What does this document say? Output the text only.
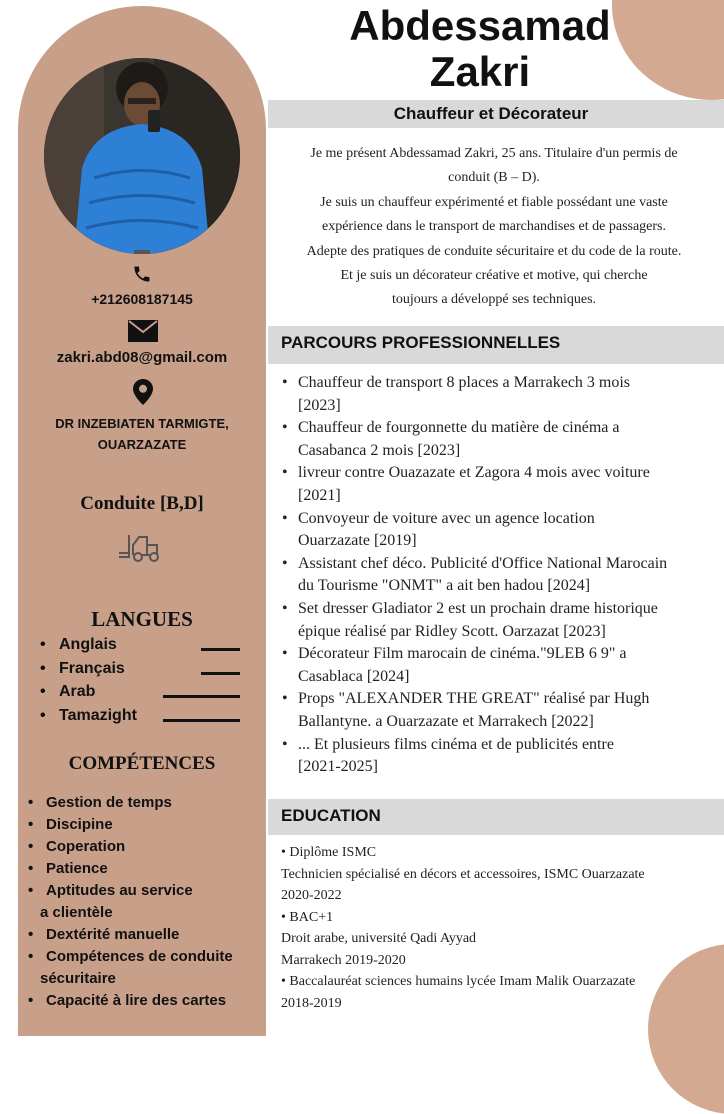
+212608187145
zakri.abd08@gmail.com
DR INZEBIATEN TARMIGTE,
OUARZAZATE
Conduite [B,D]
LANGUES
• Anglais
• Français
• Arab
• Tamazight
COMPÉTENCES
• Gestion de temps
• Discipine
• Coperation
• Patience
• Aptitudes au service
a clientèle
• Dextérité manuelle
• Compétences de conduite
sécuritaire
• Capacité à lire des cartes
Abdessamad
Zakri
Chauffeur et Décorateur
Je me présent Abdessamad Zakri, 25 ans. Titulaire d'un permis de
conduit (B – D).
Je suis un chauffeur expérimenté et fiable possédant une vaste
expérience dans le transport de marchandises et de passagers.
Adepte des pratiques de conduite sécuritaire et du code de la route.
Et je suis un décorateur créative et motive, qui cherche
toujours a développé ses techniques.
PARCOURS PROFESSIONNELLES
• Chauffeur de transport 8 places a Marrakech 3 mois
[2023]
• Chauffeur de fourgonnette du matière de cinéma a
Casabanca 2 mois [2023]
• livreur contre Ouazazate et Zagora 4 mois avec voiture
[2021]
• Convoyeur de voiture avec un agence location
Ouarzazate [2019]
• Assistant chef déco. Publicité d'Office National Marocain
du Tourisme "ONMT" a ait ben hadou [2024]
• Set dresser Gladiator 2 est un prochain drame historique
épique réalisé par Ridley Scott. Oarzazat [2023]
• Décorateur Film marocain de cinéma."9LEB 6 9" a
Casablaca [2024]
• Props "ALEXANDER THE GREAT" réalisé par Hugh
Ballantyne. a Ouarzazate et Marrakech [2022]
• ... Et plusieurs films cinéma et de publicités entre
[2021-2025]
EDUCATION
• Diplôme ISMC
Technicien spécialisé en décors et accessoires, ISMC Ouarzazate
2020-2022
• BAC+1
Droit arabe, université Qadi Ayyad
Marrakech 2019-2020
• Baccalauréat sciences humains lycée Imam Malik Ouarzazate
2018-2019
